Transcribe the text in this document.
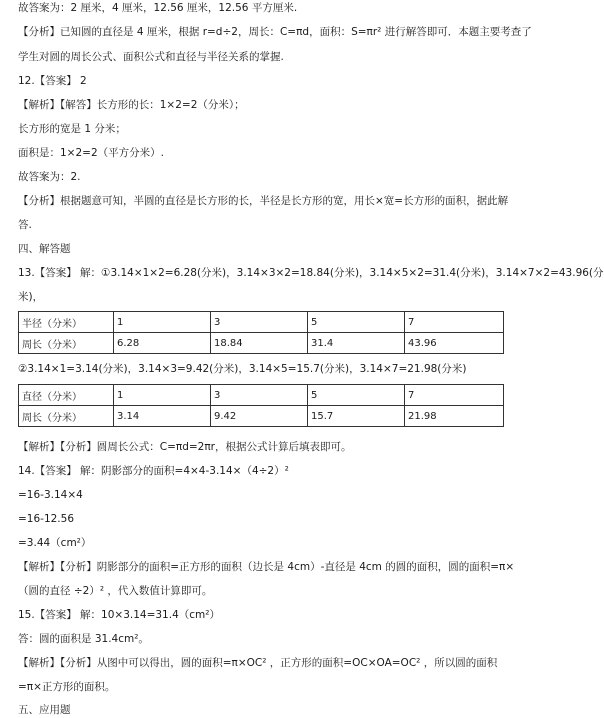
故答案为：2 厘米，4 厘米，12.56 厘米，12.56 平方厘米.
【分析】已知圆的直径是 4 厘米，根据 r=d÷2，周长：C=πd，面积：S=πr² 进行解答即可．本题主要考查了
学生对圆的周长公式、面积公式和直径与半径关系的掌握.
12.【答案】 2
【解析】【解答】长方形的长：1×2=2（分米）；
长方形的宽是 1 分米；
面积是：1×2=2（平方分米）.
故答案为：2.
【分析】根据题意可知，半圆的直径是长方形的长，半径是长方形的宽，用长×宽=长方形的面积，据此解
答.
四、解答题
13.【答案】 解：①3.14×1×2=6.28(分米)，3.14×3×2=18.84(分米)，3.14×5×2=31.4(分米)，3.14×7×2=43.96(分
米)，
半径（分米）	1	3	5	7
周长（分米）	6.28	18.84	31.4	43.96
②3.14×1=3.14(分米)，3.14×3=9.42(分米)，3.14×5=15.7(分米)，3.14×7=21.98(分米)
直径（分米）	1	3	5	7
周长（分米）	3.14	9.42	15.7	21.98
【解析】【分析】圆周长公式：C=πd=2πr，根据公式计算后填表即可。
14.【答案】 解：阴影部分的面积=4×4-3.14×（4÷2）²
=16-3.14×4
=16-12.56
=3.44（cm²）
【解析】【分析】阴影部分的面积=正方形的面积（边长是 4cm）-直径是 4cm 的圆的面积，圆的面积=π×
（圆的直径 ÷2）² ，代入数值计算即可。
15.【答案】 解：10×3.14=31.4（cm²）
答：圆的面积是 31.4cm²。
【解析】【分析】从图中可以得出，圆的面积=π×OC² ，正方形的面积=OC×OA=OC² ，所以圆的面积
=π×正方形的面积。
五、应用题
